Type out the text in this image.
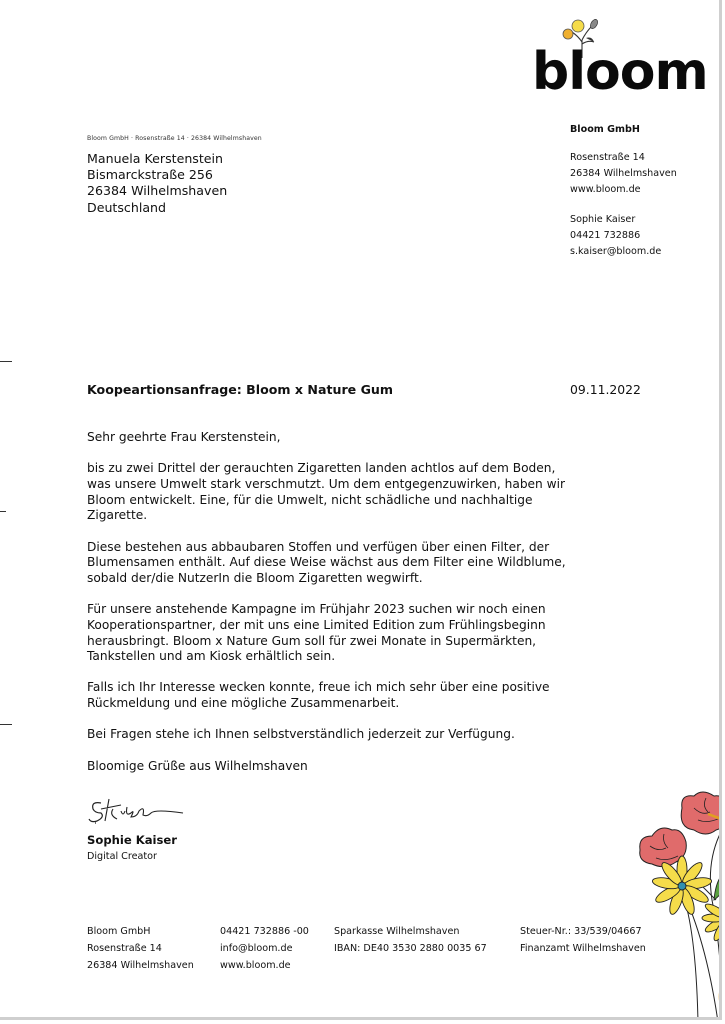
bloom
Bloom GmbH · Rosenstraße 14 · 26384 Wilhelmshaven
Manuela Kerstenstein
Bismarckstraße 256
26384 Wilhelmshaven
Deutschland
Bloom GmbH
Rosenstraße 14
26384 Wilhelmshaven
www.bloom.de
Sophie Kaiser
04421 732886
s.kaiser@bloom.de
Koopeartionsanfrage: Bloom x Nature Gum	09.11.2022

Sehr geehrte Frau Kerstenstein,

bis zu zwei Drittel der gerauchten Zigaretten landen achtlos auf dem Boden, was unsere Umwelt stark verschmutzt. Um dem entgegenzuwirken, haben wir Bloom entwickelt. Eine, für die Umwelt, nicht schädliche und nachhaltige Zigarette.

Diese bestehen aus abbaubaren Stoffen und verfügen über einen Filter, der Blumensamen enthält. Auf diese Weise wächst aus dem Filter eine Wildblume, sobald der/die NutzerIn die Bloom Zigaretten wegwirft.

Für unsere anstehende Kampagne im Frühjahr 2023 suchen wir noch einen Kooperationspartner, der mit uns eine Limited Edition zum Frühlingsbeginn herausbringt. Bloom x Nature Gum soll für zwei Monate in Supermärkten, Tankstellen und am Kiosk erhältlich sein.

Falls ich Ihr Interesse wecken konnte, freue ich mich sehr über eine positive Rückmeldung und eine mögliche Zusammenarbeit.

Bei Fragen stehe ich Ihnen selbstverständlich jederzeit zur Verfügung.

Bloomige Grüße aus Wilhelmshaven

Sophie Kaiser
Digital Creator
Bloom GmbH
Rosenstraße 14
26384 Wilhelmshaven
04421 732886 -00
info@bloom.de
www.bloom.de
Sparkasse Wilhelmshaven
IBAN: DE40 3530 2880 0035 67
Steuer-Nr.: 33/539/04667
Finanzamt Wilhelmshaven
